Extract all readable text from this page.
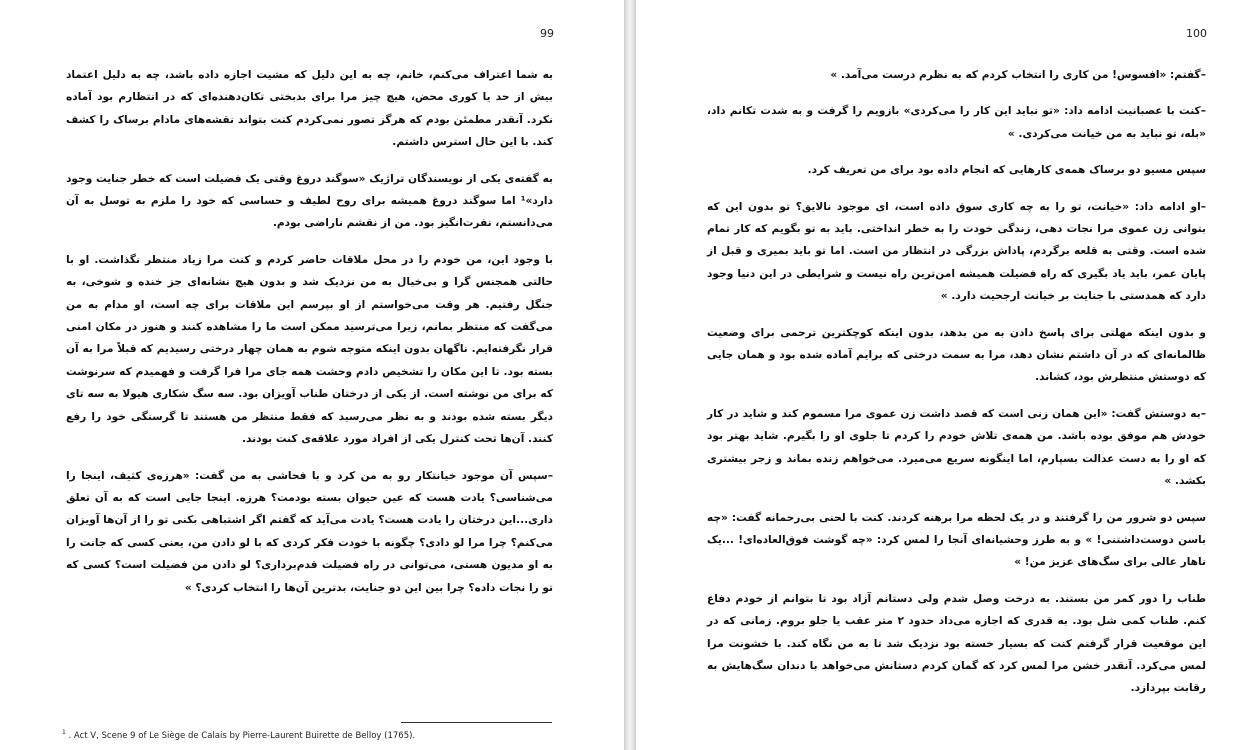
99

به شما اعتراف می‌کنم، خانم، چه به این دلیل که مشیت اجازه داده باشد، چه به دلیل اعتماد بیش از حد یا کوری محض، هیچ چیز مرا برای بدبختی تکان‌دهنده‌ای که در انتظارم بود آماده نکرد. آنقدر مطمئن بودم که هرگز تصور نمی‌کردم کنت بتواند نقشه‌های مادام برساک را کشف کند. با این حال استرس داشتم.

به گفته‌ی یکی از نویسندگان تراژیک «سوگند دروغ وقتی یک فضیلت است که خطر جنایت وجود دارد»¹ اما سوگند دروغ همیشه برای روح لطیف و حساسی که خود را ملزم به توسل به آن می‌دانستم، نفرت‌انگیز بود. من از نقشم ناراضی بودم.

با وجود این، من خودم را در محل ملاقات حاضر کردم و کنت مرا زیاد منتظر نگذاشت. او با حالتی همجنس گرا و بی‌خیال به من نزدیک شد و بدون هیچ نشانه‌ای جز خنده و شوخی، به جنگل رفتیم. هر وقت می‌خواستم از او بپرسم این ملاقات برای چه است، او مدام به من می‌گفت که منتظر بمانم، زیرا می‌ترسید ممکن است ما را مشاهده کنند و هنوز در مکان امنی قرار نگرفته‌ایم. ناگهان بدون اینکه متوجه شوم به همان چهار درختی رسیدیم که قبلاً مرا به آن بسته بود. تا این مکان را تشخیص دادم وحشت همه جای مرا فرا گرفت و فهمیدم که سرنوشت که برای من نوشته است. از یکی از درختان طناب آویزان بود. سه سگ شکاری هیولا به سه تای دیگر بسته شده بودند و به نظر می‌رسید که فقط منتظر من هستند تا گرسنگی خود را رفع کنند. آن‌ها تحت کنترل یکی از افراد مورد علاقه‌ی کنت بودند.

–سپس آن موجود خیانتکار رو به من کرد و با فحاشی به من گفت: «هرزه‌ی کثیف، اینجا را می‌شناسی؟ یادت هست که عین حیوان بسته بودمت؟ هرزه. اینجا جایی است که به آن تعلق داری...این درختان را یادت هست؟ یادت می‌آید که گفتم اگر اشتباهی بکنی تو را از آن‌ها آویزان می‌کنم؟ چرا مرا لو دادی؟ چگونه با خودت فکر کردی که با لو دادن من، یعنی کسی که جانت را به او مدیون هستی، می‌توانی در راه فضیلت قدم‌برداری؟ لو دادن من فضیلت است؟ کسی که تو را نجات داده؟ چرا بین این دو جنایت، بدترین آن‌ها را انتخاب کردی؟ »

$^1$ . Act V, Scene 9 of Le Siège de Calais by Pierre-Laurent Buirette de Belloy (1765).
100

–گفتم: «افسوس! من کاری را انتخاب کردم که به نظرم درست می‌آمد. »

–کنت با عصبانیت ادامه داد: «تو نباید این کار را می‌کردی» بازویم را گرفت و به شدت تکانم داد، «بله، تو نباید به من خیانت می‌کردی. »

سپس مسیو دو برساک همه‌ی کارهایی که انجام داده بود برای من تعریف کرد.

–او ادامه داد: «خیانت، تو را به چه کاری سوق داده است، ای موجود نالایق؟ تو بدون این که بتوانی زن عموی مرا نجات دهی، زندگی خودت را به خطر انداختی. باید به تو بگویم که کار تمام شده است. وقتی به قلعه برگردم، پاداش بزرگی در انتظار من است. اما تو باید بمیری و قبل از پایان عمر، باید یاد بگیری که راه فضیلت همیشه امن‌ترین راه نیست و شرایطی در این دنیا وجود دارد که همدستی با جنایت بر خیانت ارجحیت دارد. »

و بدون اینکه مهلتی برای پاسخ دادن به من بدهد، بدون اینکه کوچکترین ترحمی برای وضعیت ظالمانه‌ای که در آن داشتم نشان دهد، مرا به سمت درختی که برایم آماده شده بود و همان جایی که دوستش منتظرش بود، کشاند.

–به دوستش گفت: «این همان زنی است که قصد داشت زن عموی مرا مسموم کند و شاید در کار خودش هم موفق بوده باشد. من همه‌ی تلاش خودم را کردم تا جلوی او را بگیرم. شاید بهتر بود که او را به دست عدالت بسپارم، اما اینگونه سریع می‌میرد. می‌خواهم زنده بماند و زجر بیشتری بکشد. »

سپس دو شرور من را گرفتند و در یک لحظه مرا برهنه کردند. کنت با لحنی بی‌رحمانه گفت: «چه باسن دوست‌داشتنی! » و به طرز وحشیانه‌ای آنجا را لمس کرد: «چه گوشت فوق‌العاده‌ای! ...یک ناهار عالی برای سگ‌های عزیز من! »

طناب را دور کمر من بستند. به درخت وصل شدم ولی دستانم آزاد بود تا بتوانم از خودم دفاع کنم. طناب کمی شل بود. به قدری که اجازه می‌داد حدود ۲ متر عقب یا جلو بروم. زمانی که در این موقعیت قرار گرفتم کنت که بسیار خسته بود نزدیک شد تا به من نگاه کند. با خشونت مرا لمس می‌کرد. آنقدر خشن مرا لمس کرد که گمان کردم دستانش می‌خواهد با دندان سگ‌هایش به رقابت بپردازد.
